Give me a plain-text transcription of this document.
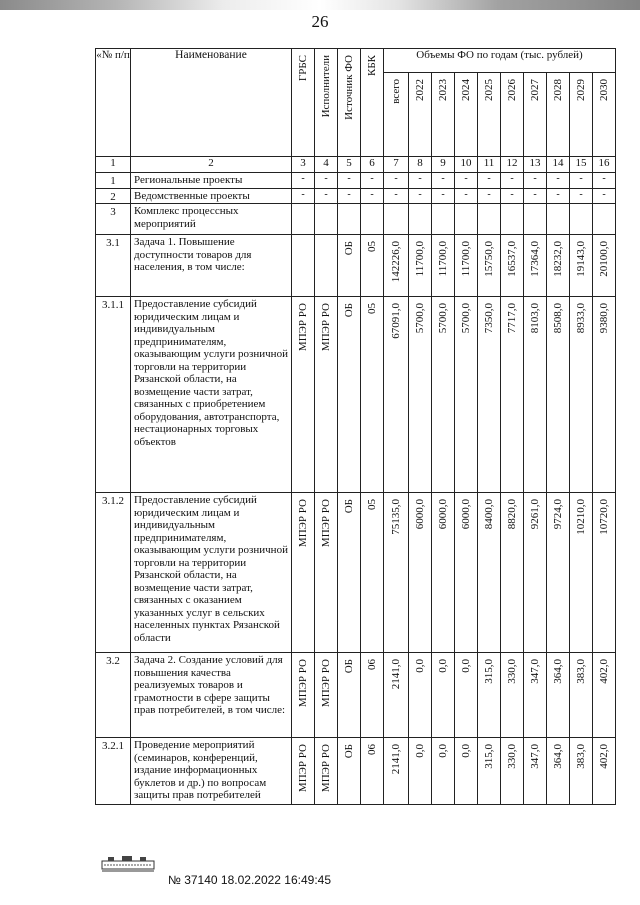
26
«№ п/п	Наименование	ГРБС	Исполнители	Источник ФО	КБК	Объемы ФО по годам (тыс. рублей)									
						всего	2022	2023	2024	2025	2026	2027	2028	2029	2030
1	2	3	4	5	6	7	8	9	10	11	12	13	14	15	16
1	Региональные проекты	-	-	-	-	-	-	-	-	-	-	-	-	-	-
2	Ведомственные проекты	-	-	-	-	-	-	-	-	-	-	-	-	-	-
3	Комплекс процессных мероприятий														
3.1	Задача 1. Повышение доступности товаров для населения, в том числе:			ОБ	05	142226,0	11700,0	11700,0	11700,0	15750,0	16537,0	17364,0	18232,0	19143,0	20100,0
3.1.1	Предоставление субсидий юридическим лицам и индивидуальным предпринимателям, оказывающим услуги розничной торговли на территории Рязанской области, на возмещение части затрат, связанных с приобретением оборудования, автотранспорта, нестационарных торговых объектов	МПЭР РО	МПЭР РО	ОБ	05	67091,0	5700,0	5700,0	5700,0	7350,0	7717,0	8103,0	8508,0	8933,0	9380,0
3.1.2	Предоставление субсидий юридическим лицам и индивидуальным предпринимателям, оказывающим услуги розничной торговли на территории Рязанской области, на возмещение части затрат, связанных с оказанием указанных услуг в сельских населенных пунктах Рязанской области	МПЭР РО	МПЭР РО	ОБ	05	75135,0	6000,0	6000,0	6000,0	8400,0	8820,0	9261,0	9724,0	10210,0	10720,0
3.2	Задача 2. Создание условий для повышения качества реализуемых товаров и грамотности в сфере защиты прав потребителей, в том числе:	МПЭР РО	МПЭР РО	ОБ	06	2141,0	0,0	0,0	0,0	315,0	330,0	347,0	364,0	383,0	402,0
3.2.1	Проведение мероприятий (семинаров, конференций, издание информационных буклетов и др.) по вопросам защиты прав потребителей	МПЭР РО	МПЭР РО	ОБ	06	2141,0	0,0	0,0	0,0	315,0	330,0	347,0	364,0	383,0	402,0
№ 37140 18.02.2022 16:49:45
